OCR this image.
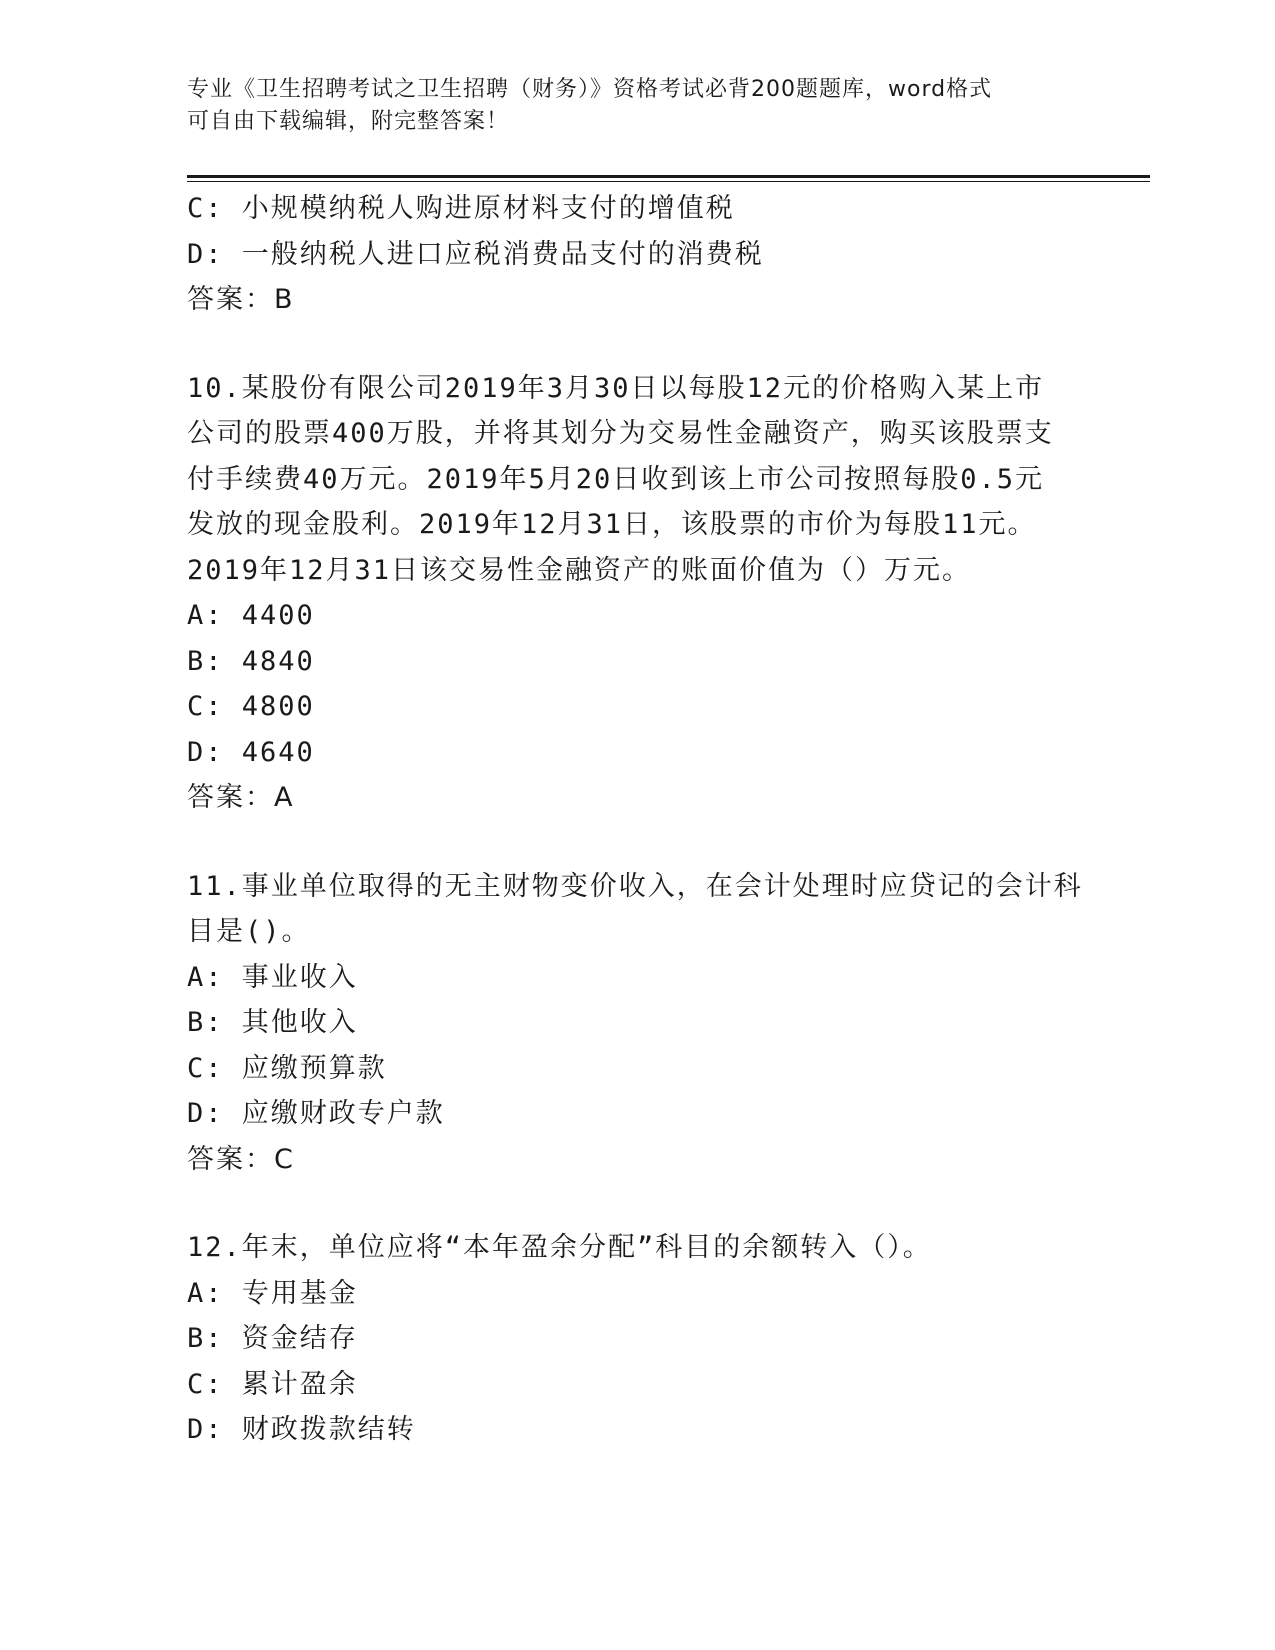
专业《卫生招聘考试之卫生招聘（财务）》资格考试必背200题题库，word格式
可自由下载编辑，附完整答案！
C: 小规模纳税人购进原材料支付的增值税
D: 一般纳税人进口应税消费品支付的消费税
答案：B
10.某股份有限公司2019年3月30日以每股12元的价格购入某上市
公司的股票400万股，并将其划分为交易性金融资产，购买该股票支
付手续费40万元。2019年5月20日收到该上市公司按照每股0.5元
发放的现金股利。2019年12月31日，该股票的市价为每股11元。
2019年12月31日该交易性金融资产的账面价值为（）万元。
A: 4400
B: 4840
C: 4800
D: 4640
答案：A
11.事业单位取得的无主财物变价收入，在会计处理时应贷记的会计科
目是()。
A: 事业收入
B: 其他收入
C: 应缴预算款
D: 应缴财政专户款
答案：C
12.年末，单位应将“本年盈余分配”科目的余额转入（）。
A: 专用基金
B: 资金结存
C: 累计盈余
D: 财政拨款结转
